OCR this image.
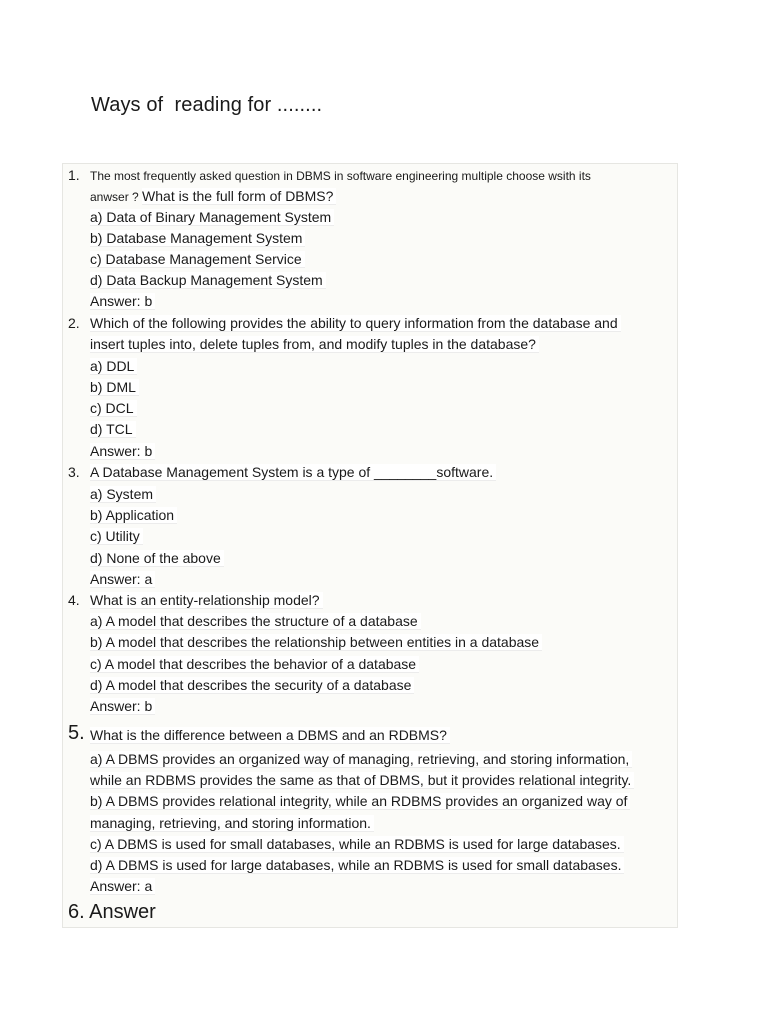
Ways of  reading for ........
1. The most frequently asked question in DBMS in software engineering multiple choose wsith its
anwser ? What is the full form of DBMS?
a) Data of Binary Management System
b) Database Management System
c) Database Management Service
d) Data Backup Management System
Answer: b
2. Which of the following provides the ability to query information from the database and
insert tuples into, delete tuples from, and modify tuples in the database?
a) DDL
b) DML
c) DCL
d) TCL
Answer: b
3. A Database Management System is a type of ________software.
a) System
b) Application
c) Utility
d) None of the above
Answer: a
4. What is an entity-relationship model?
a) A model that describes the structure of a database
b) A model that describes the relationship between entities in a database
c) A model that describes the behavior of a database
d) A model that describes the security of a database
Answer: b
5. What is the difference between a DBMS and an RDBMS?
a) A DBMS provides an organized way of managing, retrieving, and storing information,
while an RDBMS provides the same as that of DBMS, but it provides relational integrity.
b) A DBMS provides relational integrity, while an RDBMS provides an organized way of
managing, retrieving, and storing information.
c) A DBMS is used for small databases, while an RDBMS is used for large databases.
d) A DBMS is used for large databases, while an RDBMS is used for small databases.
Answer: a
6. Answer
